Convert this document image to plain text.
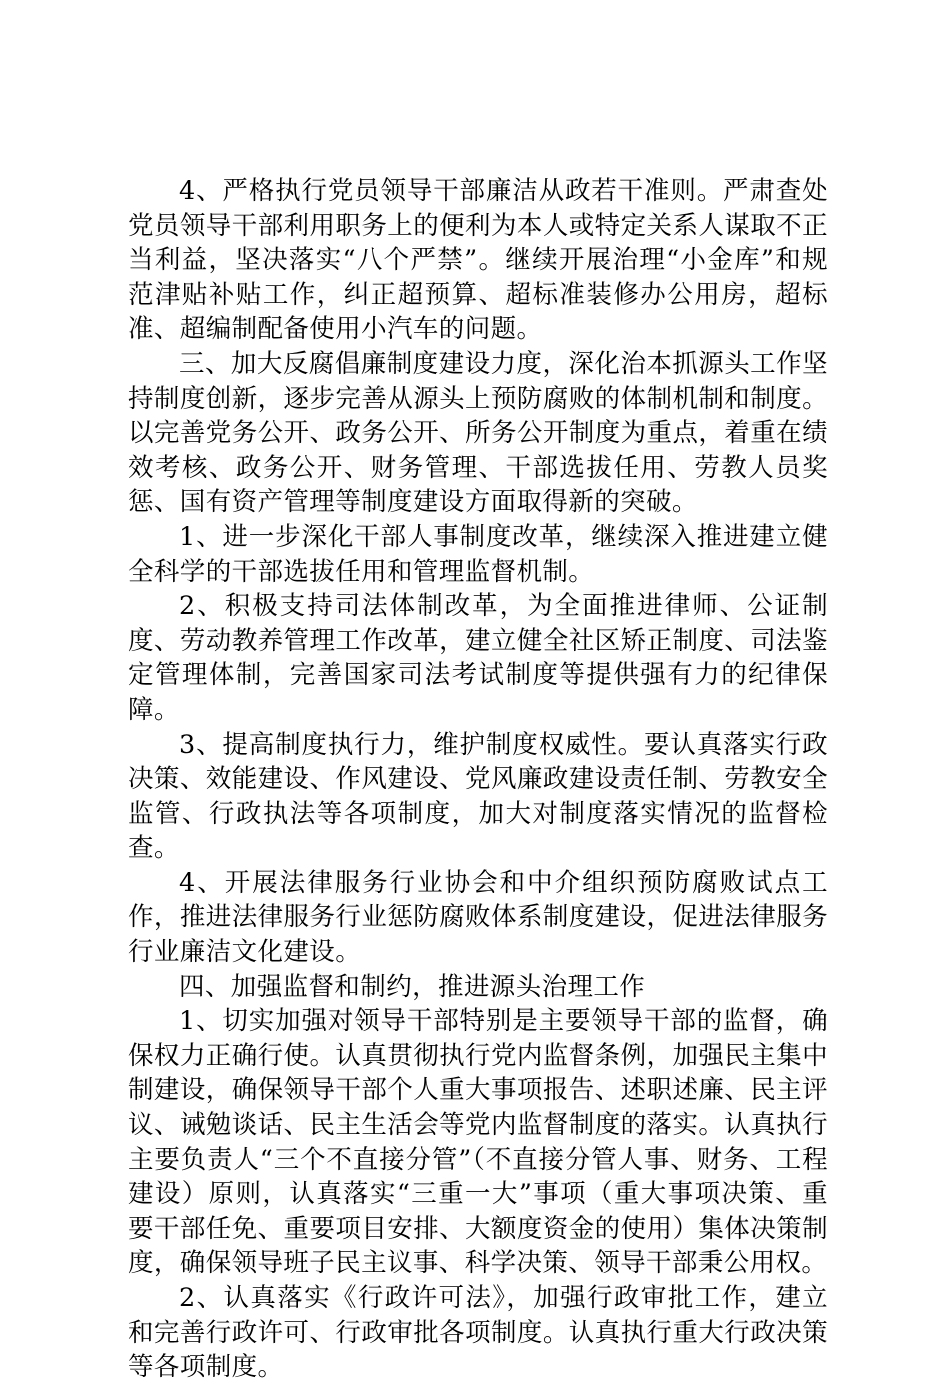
4、严格执行党员领导干部廉洁从政若干准则。严肃查处党员领导干部利用职务上的便利为本人或特定关系人谋取不正当利益，坚决落实“八个严禁”。继续开展治理“小金库”和规范津贴补贴工作，纠正超预算、超标准装修办公用房，超标准、超编制配备使用小汽车的问题。

三、加大反腐倡廉制度建设力度，深化治本抓源头工作坚持制度创新，逐步完善从源头上预防腐败的体制机制和制度。以完善党务公开、政务公开、所务公开制度为重点，着重在绩效考核、政务公开、财务管理、干部选拔任用、劳教人员奖惩、国有资产管理等制度建设方面取得新的突破。

1、进一步深化干部人事制度改革，继续深入推进建立健全科学的干部选拔任用和管理监督机制。

2、积极支持司法体制改革，为全面推进律师、公证制度、劳动教养管理工作改革，建立健全社区矫正制度、司法鉴定管理体制，完善国家司法考试制度等提供强有力的纪律保障。

3、提高制度执行力，维护制度权威性。要认真落实行政决策、效能建设、作风建设、党风廉政建设责任制、劳教安全监管、行政执法等各项制度，加大对制度落实情况的监督检查。

4、开展法律服务行业协会和中介组织预防腐败试点工作，推进法律服务行业惩防腐败体系制度建设，促进法律服务行业廉洁文化建设。

四、加强监督和制约，推进源头治理工作

1、切实加强对领导干部特别是主要领导干部的监督，确保权力正确行使。认真贯彻执行党内监督条例，加强民主集中制建设，确保领导干部个人重大事项报告、述职述廉、民主评议、诫勉谈话、民主生活会等党内监督制度的落实。认真执行主要负责人“三个不直接分管”（不直接分管人事、财务、工程建设）原则，认真落实“三重一大”事项（重大事项决策、重要干部任免、重要项目安排、大额度资金的使用）集体决策制度，确保领导班子民主议事、科学决策、领导干部秉公用权。

2、认真落实《行政许可法》，加强行政审批工作，建立和完善行政许可、行政审批各项制度。认真执行重大行政决策等各项制度。
